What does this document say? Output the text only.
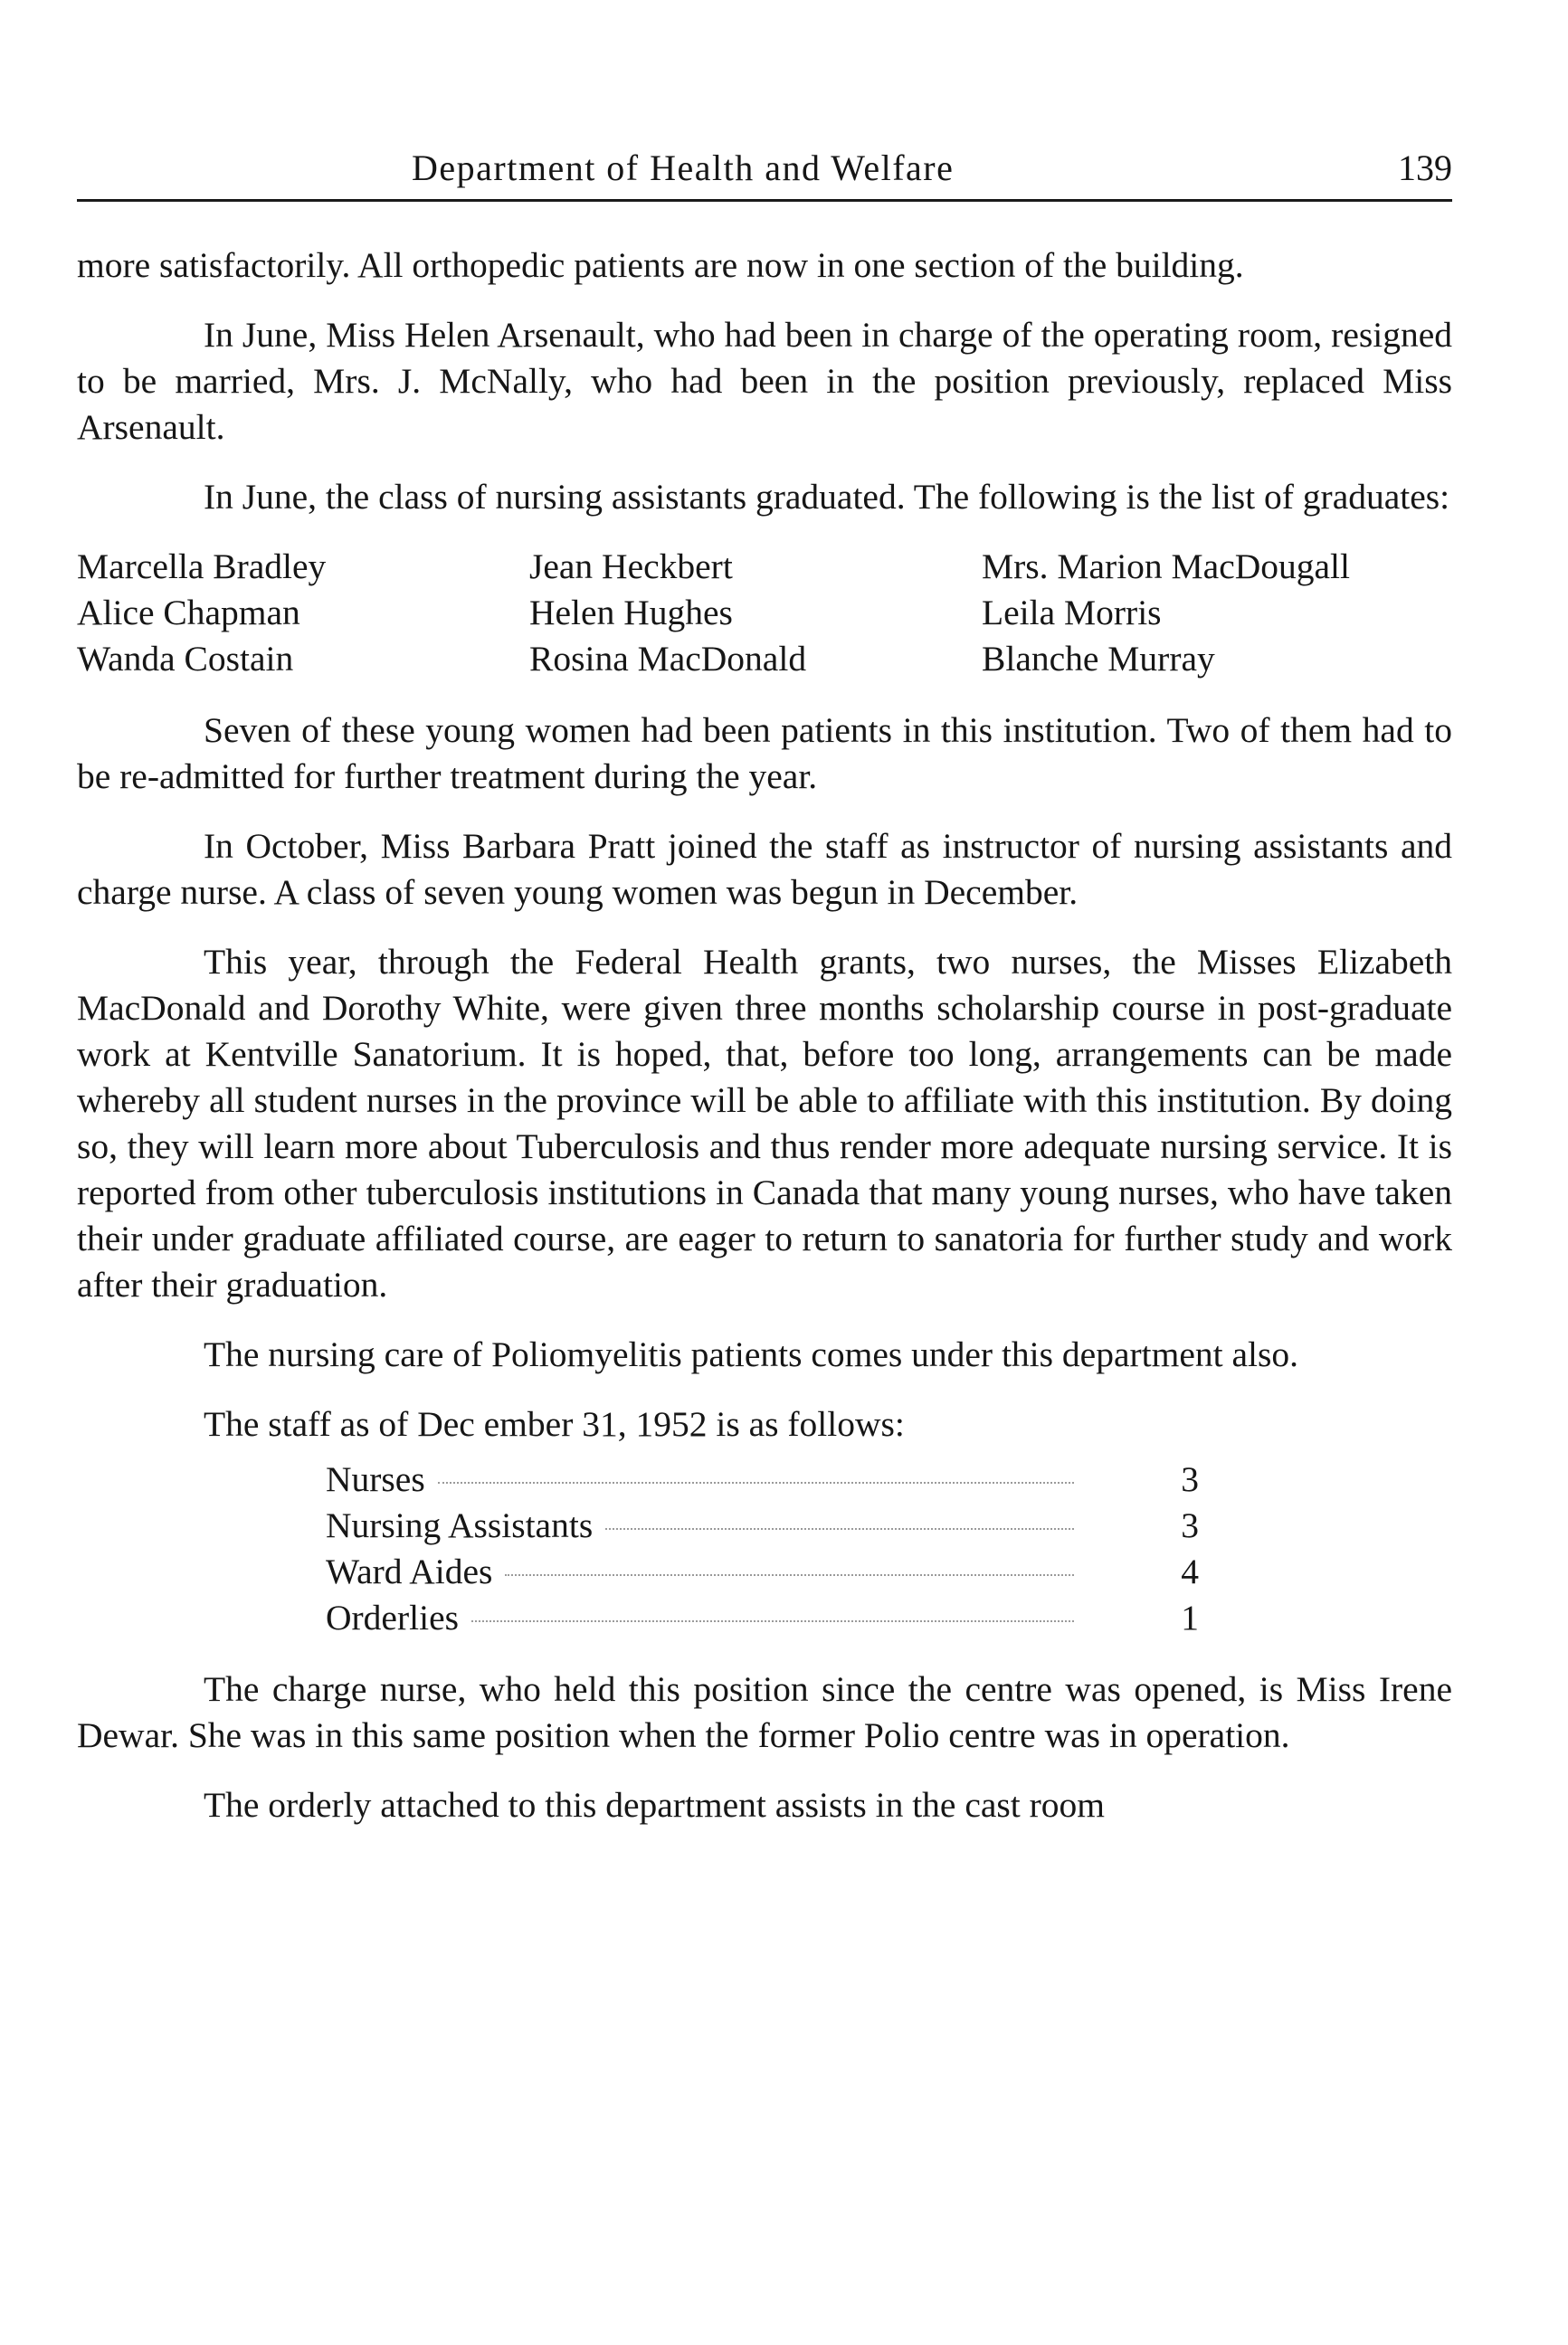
Department of Health and Welfare	139

more satisfactorily. All orthopedic patients are now in one section of the building.

In June, Miss Helen Arsenault, who had been in charge of the operating room, resigned to be married, Mrs. J. McNally, who had been in the position previously, replaced Miss Arsenault.

In June, the class of nursing assistants graduated. The following is the list of graduates:

Marcella Bradley	Jean Heckbert	Mrs. Marion MacDougall
Alice Chapman	Helen Hughes	Leila Morris
Wanda Costain	Rosina MacDonald	Blanche Murray

Seven of these young women had been patients in this institution. Two of them had to be re-admitted for further treatment during the year.

In October, Miss Barbara Pratt joined the staff as instructor of nursing assistants and charge nurse. A class of seven young women was begun in December.

This year, through the Federal Health grants, two nurses, the Misses Elizabeth MacDonald and Dorothy White, were given three months scholarship course in post-graduate work at Kentville Sanatorium. It is hoped, that, before too long, arrangements can be made whereby all student nurses in the province will be able to affiliate with this institution. By doing so, they will learn more about Tuberculosis and thus render more adequate nursing service. It is reported from other tuberculosis institutions in Canada that many young nurses, who have taken their under graduate affiliated course, are eager to return to sanatoria for further study and work after their graduation.

The nursing care of Poliomyelitis patients comes under this department also.

The staff as of Dec ember 31, 1952 is as follows:

Nurses	3
Nursing Assistants	3
Ward Aides	4
Orderlies	1

The charge nurse, who held this position since the centre was opened, is Miss Irene Dewar. She was in this same position when the former Polio centre was in operation.

The orderly attached to this department assists in the cast room
